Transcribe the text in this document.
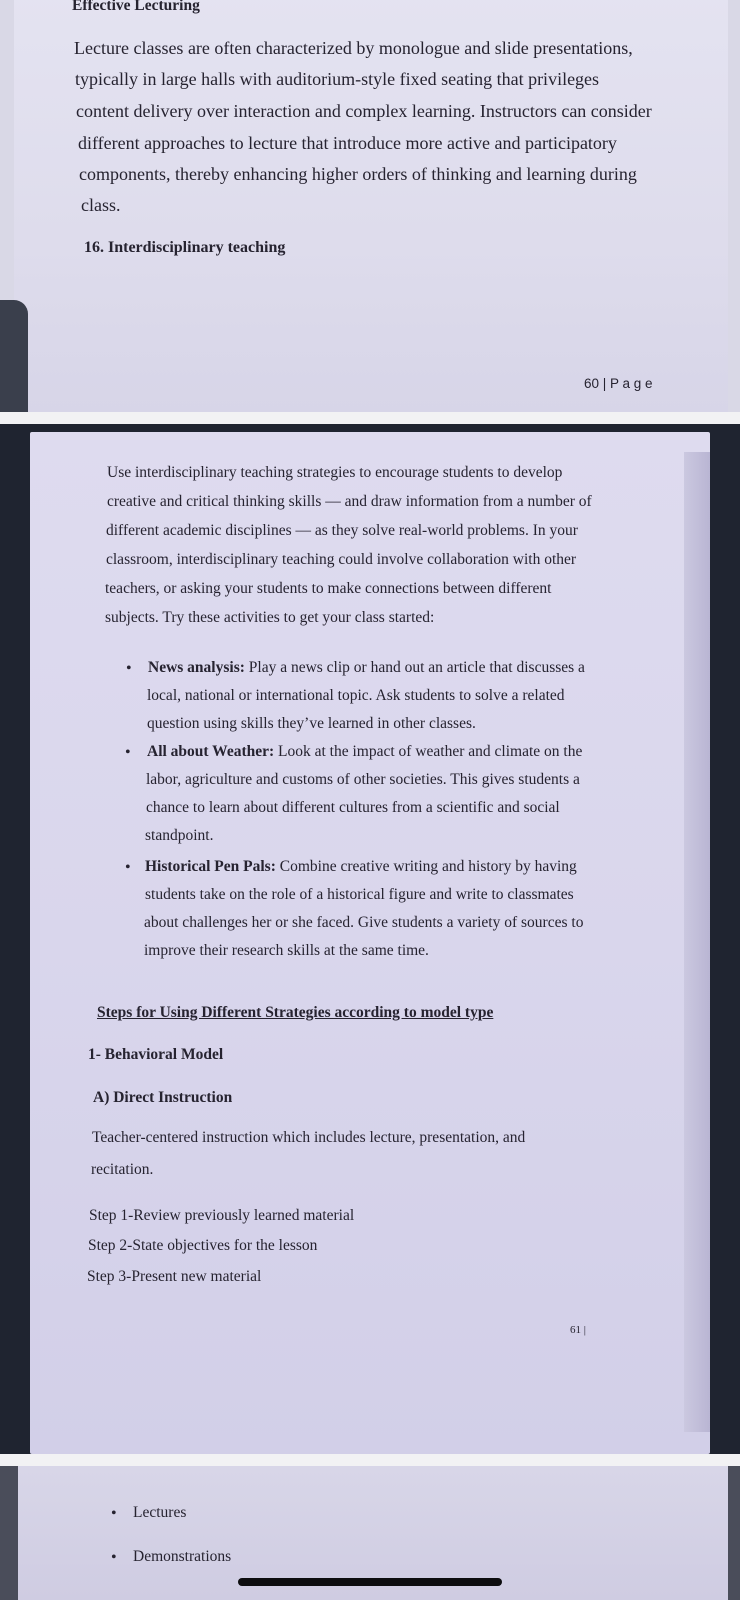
Effective Lecturing
Lecture classes are often characterized by monologue and slide presentations,
typically in large halls with auditorium-style fixed seating that privileges
content delivery over interaction and complex learning. Instructors can consider
different approaches to lecture that introduce more active and participatory
components, thereby enhancing higher orders of thinking and learning during
class.
16. Interdisciplinary teaching
60 | P a g e
Use interdisciplinary teaching strategies to encourage students to develop
creative and critical thinking skills — and draw information from a number of
different academic disciplines — as they solve real-world problems. In your
classroom, interdisciplinary teaching could involve collaboration with other
teachers, or asking your students to make connections between different
subjects. Try these activities to get your class started:
• News analysis: Play a news clip or hand out an article that discusses a
local, national or international topic. Ask students to solve a related
question using skills they’ve learned in other classes.
• All about Weather: Look at the impact of weather and climate on the
labor, agriculture and customs of other societies. This gives students a
chance to learn about different cultures from a scientific and social
standpoint.
• Historical Pen Pals: Combine creative writing and history by having
students take on the role of a historical figure and write to classmates
about challenges her or she faced. Give students a variety of sources to
improve their research skills at the same time.
Steps for Using Different Strategies according to model type
1- Behavioral Model
A) Direct Instruction
Teacher-centered instruction which includes lecture, presentation, and
recitation.
Step 1-Review previously learned material
Step 2-State objectives for the lesson
Step 3-Present new material
61 |
• Lectures
• Demonstrations
